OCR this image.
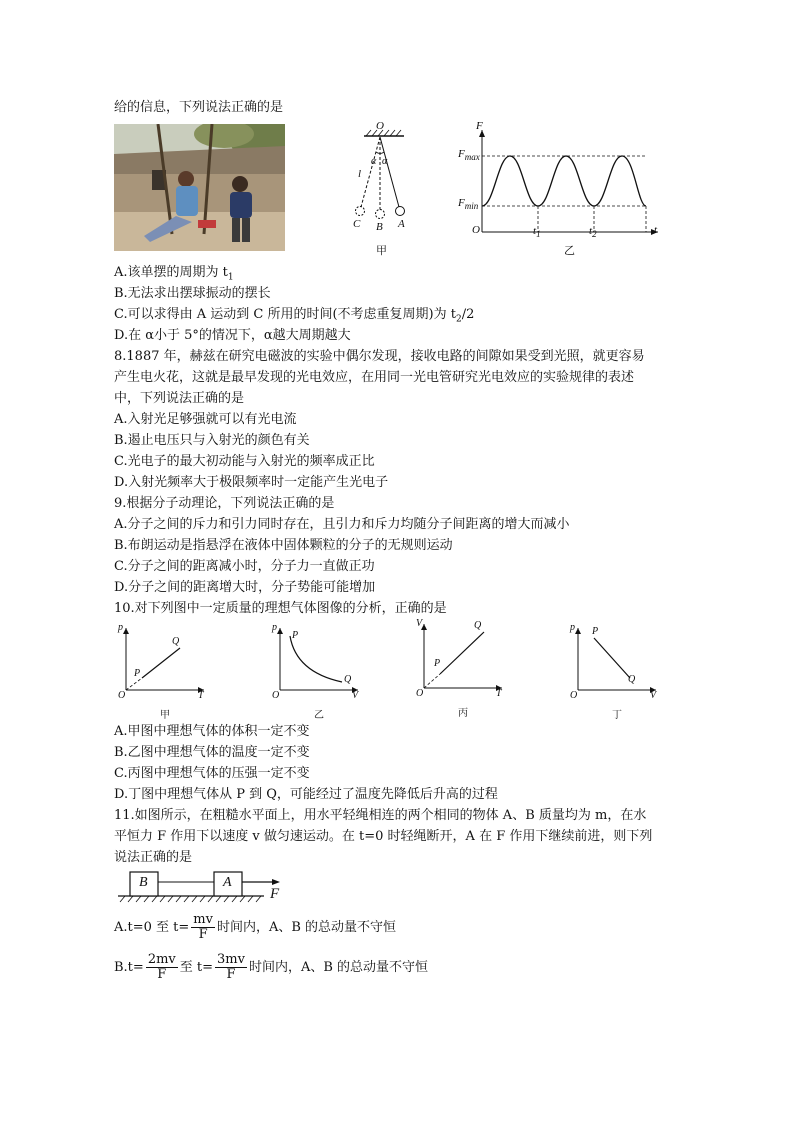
给的信息，下列说法正确的是
O
l
α α
C B A
甲
F
$F_{max}$
$F_{min}$
O	$t_1$	$t_2$	t
乙
A.该单摆的周期为 $t_1$
B.无法求出摆球振动的摆长
C.可以求得由 A 运动到 C 所用的时间(不考虑重复周期)为 $t_2/2$
D.在 α小于 5°的情况下，α越大周期越大
8.1887 年，赫兹在研究电磁波的实验中偶尔发现，接收电路的间隙如果受到光照，就更容易
产生电火花，这就是最早发现的光电效应，在用同一光电管研究光电效应的实验规律的表述
中，下列说法正确的是
A.入射光足够强就可以有光电流
B.遏止电压只与入射光的颜色有关
C.光电子的最大初动能与入射光的频率成正比
D.入射光频率大于极限频率时一定能产生光电子
9.根据分子动理论，下列说法正确的是
A.分子之间的斥力和引力同时存在，且引力和斥力均随分子间距离的增大而减小
B.布朗运动是指悬浮在液体中固体颗粒的分子的无规则运动
C.分子之间的距离减小时，分子力一直做正功
D.分子之间的距离增大时，分子势能可能增加
10.对下列图中一定质量的理想气体图像的分析，正确的是
p
O	T
P
Q
甲
p
O	V
P
Q
乙
V
O	T
P
Q
丙
p
O	V
P
Q
丁
A.甲图中理想气体的体积一定不变
B.乙图中理想气体的温度一定不变
C.丙图中理想气体的压强一定不变
D.丁图中理想气体从 P 到 Q，可能经过了温度先降低后升高的过程
11.如图所示，在粗糙水平面上，用水平轻绳相连的两个相同的物体 A、B 质量均为 m，在水
平恒力 F 作用下以速度 v 做匀速运动。在 t=0 时轻绳断开，A 在 F 作用下继续前进，则下列
说法正确的是
B	A
F
A.t=0 至 $t= \frac{mv}{F}$ 时间内，A、B 的总动量不守恒
$B.t= \frac{2mv}{F}$ 至 $t= \frac{3mv}{F}$ 时间内，A、B 的总动量不守恒
